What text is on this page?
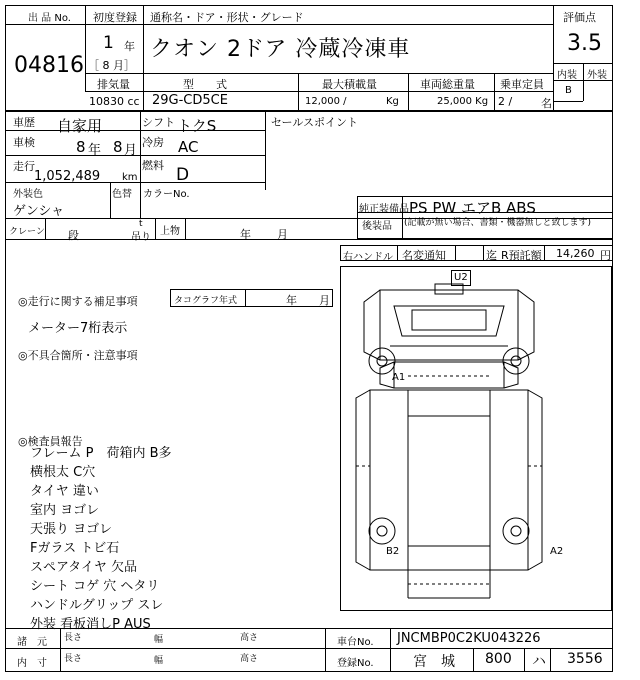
出 品 No.
04816
初度登録 通称名・ドア・形状・グレード
1 年
［ 8 月］
クオン 2ドア 冷蔵冷凍車
評価点
3.5
内装 外装
B
排気量	型　　式	最大積載量	車両総重量 乗車定員
10830 cc 29G-CD5CE	12,000 /	Kg	25,000 Kg 2 /	名
車歴 自家用	シフト トクS
車検	8 年 8 月
冷房 AC
走行
1,052,489 km
燃料 D
外装色	色替 カラーNo.
ゲンシャ
セールスポイント
純正装備品 PS PW エアB ABS
後装品 (記載が無い場合、書類・機器無しと致します)
クレーン 段
t
吊り
上物	年 月
右ハンドル 名変通知	迄 R預託額 14,260 円
◎走行に関する補足事項	タコグラフ年式	年 月
メーター7桁表示
◎不具合箇所・注意事項
◎検査員報告
フレーム P　荷箱内 B多
横根太 C穴
タイヤ 違い
室内 ヨゴレ
天張り ヨゴレ
Fガラス トビ石
スペアタイヤ 欠品
シート コゲ 穴 ヘタリ
ハンドルグリップ スレ
外装 看板消しP AUS
U2
A1
B2	A2
諸　元 長さ	幅	高さ
内　寸 長さ	幅	高さ
車台No. JNCMBP0C2KU043226
登録No.	宮　城 800 ハ 3556
